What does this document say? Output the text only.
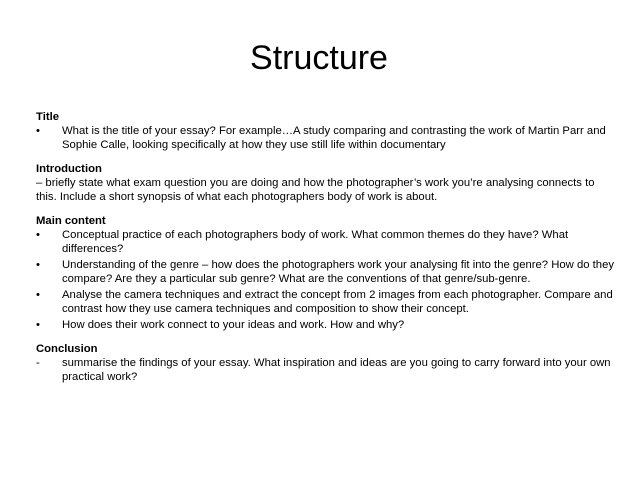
Structure

Title

• What is the title of your essay? For example…A study comparing and contrasting the work of Martin Parr and Sophie Calle, looking specifically at how they use still life within documentary

Introduction

– briefly state what exam question you are doing and how the photographer’s work you’re analysing connects to this. Include a short synopsis of what each photographers body of work is about.

Main content

• Conceptual practice of each photographers body of work. What common themes do they have? What differences?
• Understanding of the genre – how does the photographers work your analysing fit into the genre? How do they compare? Are they a particular sub genre? What are the conventions of that genre/sub-genre.
• Analyse the camera techniques and extract the concept from 2 images from each photographer. Compare and contrast how they use camera techniques and composition to show their concept.
• How does their work connect to your ideas and work. How and why?

Conclusion

- summarise the findings of your essay. What inspiration and ideas are you going to carry forward into your own practical work?
